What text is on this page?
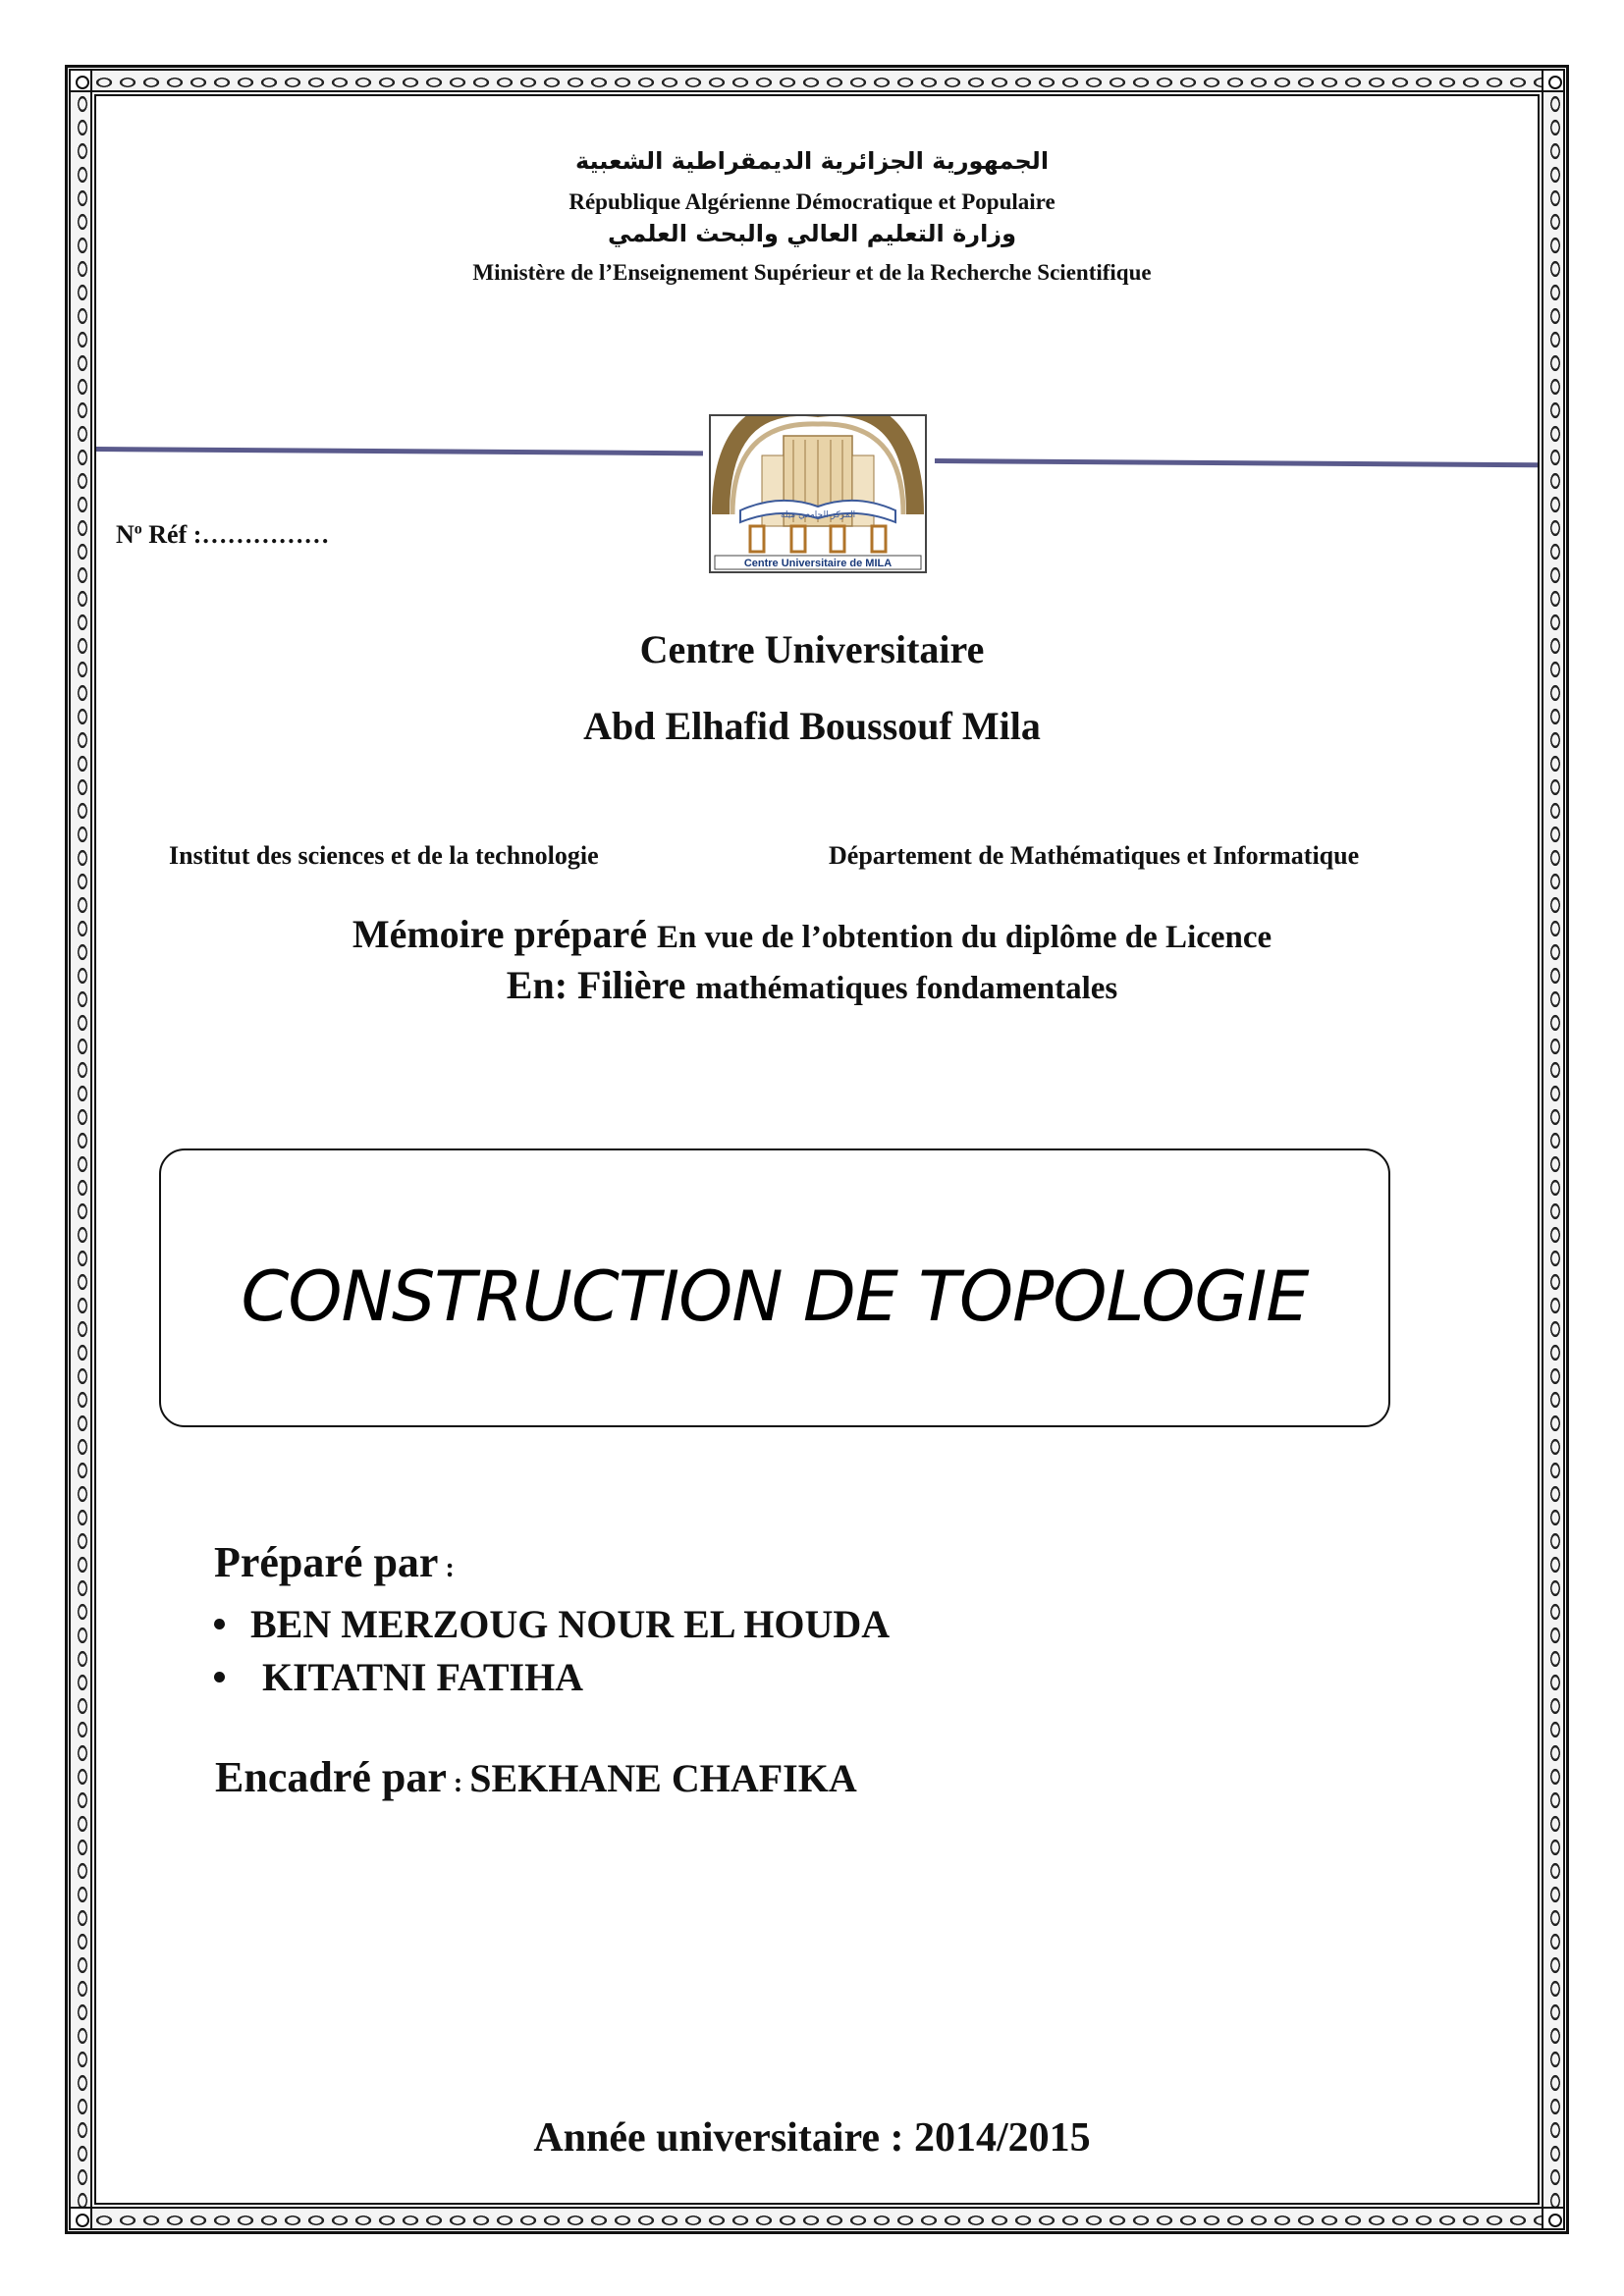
الجمهورية الجزائرية الديمقراطية الشعبية
République Algérienne Démocratique et Populaire
وزارة التعليم العالي والبحث العلمي
Ministère de l’Enseignement Supérieur et de la Recherche Scientifique
المركز الجامعي ميلة
Centre Universitaire de MILA
$N^o$ Réf :……………
Centre Universitaire
Abd Elhafid Boussouf Mila
Institut des sciences et de la technologie	Département de Mathématiques et Informatique
Mémoire préparé En vue de l’obtention du diplôme de Licence
En: Filière mathématiques fondamentales
CONSTRUCTION DE TOPOLOGIE
Préparé par :
BEN MERZOUG NOUR EL HOUDA
KITATNI FATIHA
Encadré par : SEKHANE CHAFIKA
Année universitaire : 2014/2015
